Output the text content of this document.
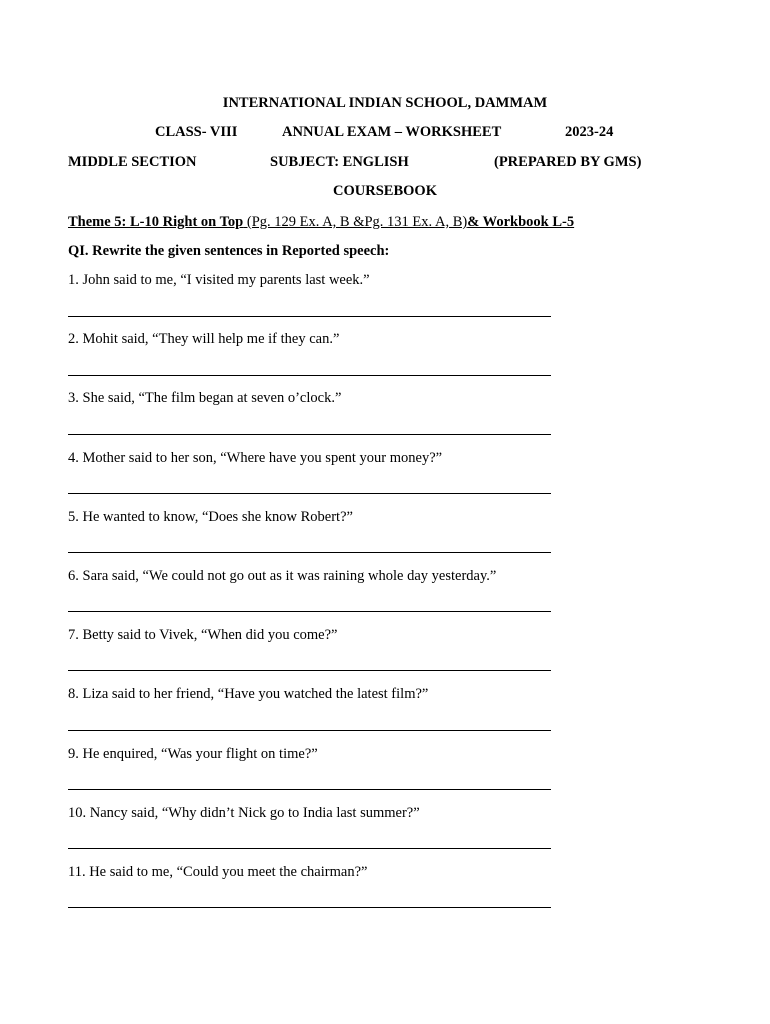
INTERNATIONAL INDIAN SCHOOL, DAMMAM
CLASS- VIII	ANNUAL EXAM – WORKSHEET	2023-24
MIDDLE SECTION	SUBJECT: ENGLISH	(PREPARED BY GMS)
COURSEBOOK
Theme 5: L-10 Right on Top (Pg. 129 Ex. A, B &Pg. 131 Ex. A, B)& Workbook L-5
QI. Rewrite the given sentences in Reported speech:
1. John said to me, “I visited my parents last week.”
2. Mohit said, “They will help me if they can.”
3. She said, “The film began at seven o’clock.”
4. Mother said to her son, “Where have you spent your money?”
5. He wanted to know, “Does she know Robert?”
6. Sara said, “We could not go out as it was raining whole day yesterday.”
7. Betty said to Vivek, “When did you come?”
8. Liza said to her friend, “Have you watched the latest film?”
9. He enquired, “Was your flight on time?”
10. Nancy said, “Why didn’t Nick go to India last summer?”
11. He said to me, “Could you meet the chairman?”
